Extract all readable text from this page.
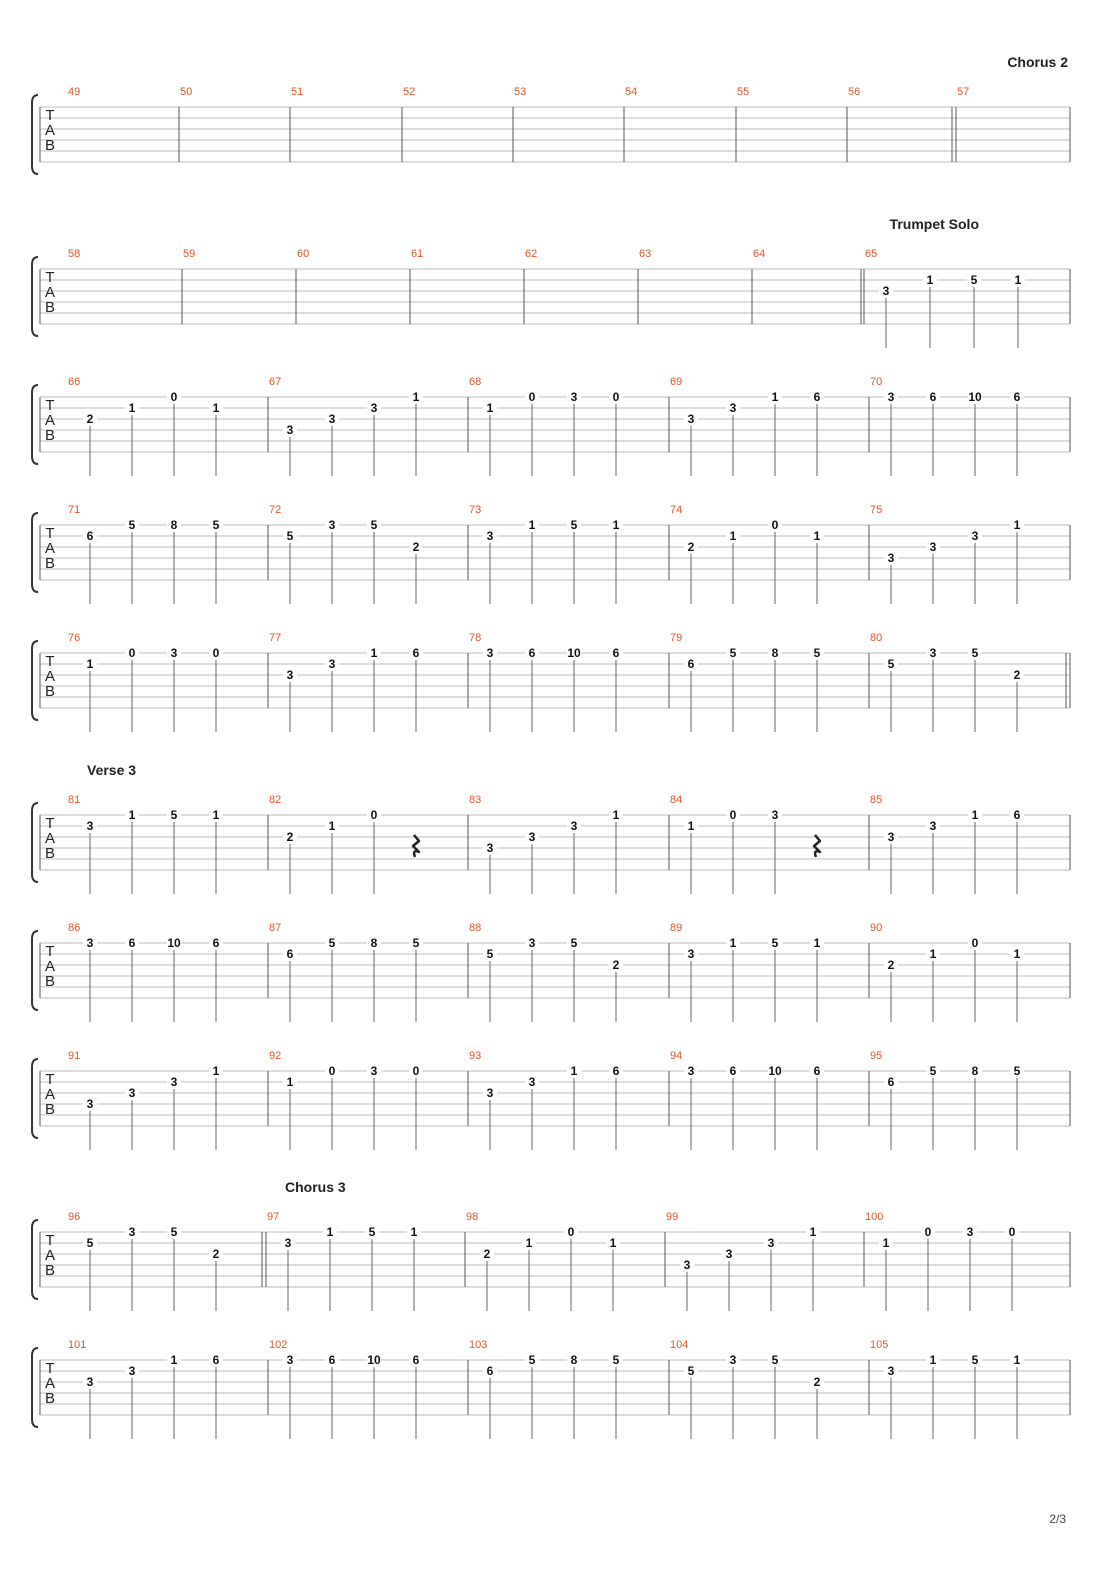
Chorus 2
Trumpet Solo
Verse 3
Chorus 3
2/3
T
A
B
49	50	51	52	53	54	55	56	57
T
A
B
58	59	60	61	62	63	64	65
3
1	5	1
T
A
B
66
2
1
0
1
67
3
3
3
1
68
1
0	3	0
69
3
3
1	6
70
3	6	10	6
T
A
B
71
6
5	8	5
72
5
3	5
2
73
3
1	5	1
74
2
1
0
1
75
3
3
3
1
T
A
B
76
1
0	3	0
77
3
3
1	6
78
3	6	10	6
79
6
5	8	5
80
5
3	5
2
T
A
B
81
3
1	5	1
82
2
1
0
83
3
3
3
1
84
1
0	3
85
3
3
1	6
T
A
B
86
3	6	10	6
87
6
5	8	5
88
5
3	5
2
89
3
1	5	1
90
2
1
0
1
T
A
B
91
3
3
3
1
92
1
0	3	0
93
3
3
1	6
94
3	6	10	6
95
6
5	8	5
T
A
B
96
5
3	5
2
97
3
1	5	1
98
2
1
0
1
99
3
3
3
1
100
1
0	3	0
T
A
B
101
3
3
1	6
102
3	6	10	6
103
6
5	8	5
104
5
3	5
2
105
3
1	5	1
